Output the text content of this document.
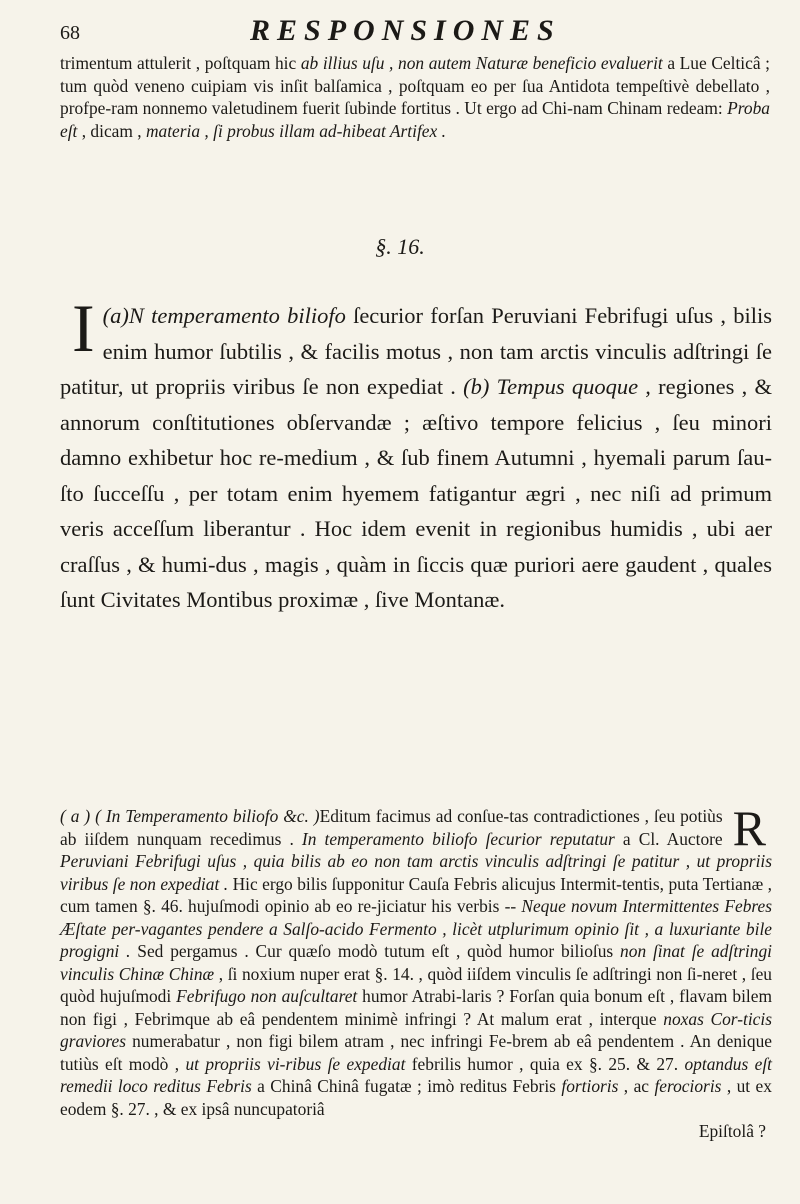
68	RESPONSIONES
trimentum attulerit , poſtquam hic ab illius uſu , non autem Naturæ beneficio evaluerit a Lue Celticâ ; tum quòd veneno cuipiam vis inſit balſamica , poſtquam eo per ſua Antidota tempeſtivè debellato , profpe-ram nonnemo valetudinem fuerit ſubinde fortitus . Ut ergo ad Chi-nam Chinam redeam: Proba eſt , dicam , materia , ſi probus illam ad-hibeat Artifex .
§. 16.
(a)
I N temperamento biliofo ſecurior forſan Peruviani Febrifugi uſus , bilis enim humor ſubtilis , & facilis motus , non tam arctis vinculis adſtringi ſe patitur, ut propriis viribus ſe non expediat . (b) Tempus quoque , regiones , & annorum conſtitutiones obſervandæ ; æſtivo tempore felicius , ſeu minori damno exhibetur hoc re-medium , & ſub finem Autumni , hyemali parum ſau-ſto ſucceſſu , per totam enim hyemem fatigantur ægri , nec niſi ad primum veris acceſſum liberantur . Hoc idem evenit in regionibus humidis , ubi aer craſſus , & humi-dus , magis , quàm in ſiccis quæ puriori aere gaudent , quales ſunt Civitates Montibus proximæ , ſive Montanæ.
( a ) ( In Temperamento biliofo &c. )	R
Editum facimus ad conſue-tas contradictiones , ſeu potiùs ab iiſdem nunquam recedimus . In temperamento biliofo ſecurior reputatur a Cl. Auctore Peruviani Febrifugi uſus , quia bilis ab eo non tam arctis vinculis adſtringi ſe patitur , ut propriis viribus ſe non expediat . Hic ergo bilis ſupponitur Cauſa Febris alicujus Intermit-tentis, puta Tertianæ , cum tamen §. 46. hujuſmodi opinio ab eo re-jiciatur his verbis -- Neque novum Intermittentes Febres Æſtate per-vagantes pendere a Salſo-acido Fermento , licèt utplurimum opinio ſit , a luxuriante bile progigni . Sed pergamus . Cur quæſo modò tutum eſt , quòd humor bilioſus non ſinat ſe adſtringi vinculis Chinæ Chinæ , ſi noxium nuper erat §. 14. , quòd iiſdem vinculis ſe adſtringi non ſi-neret , ſeu quòd hujuſmodi Febrifugo non auſcultaret humor Atrabi-laris ? Forſan quia bonum eſt , flavam bilem non figi , Febrimque ab eâ pendentem minimè infringi ? At malum erat , interque noxas Cor-ticis graviores numerabatur , non figi bilem atram , nec infringi Fe-brem ab eâ pendentem . An denique tutiùs eſt modò , ut propriis vi-ribus ſe expediat febrilis humor , quia ex §. 25. & 27. optandus eſt remedii loco reditus Febris a Chinâ Chinâ fugatæ ; imò reditus Febris fortioris , ac ferocioris , ut ex eodem §. 27. , & ex ipsâ nuncupatoriâ
Epiſtolâ ?
